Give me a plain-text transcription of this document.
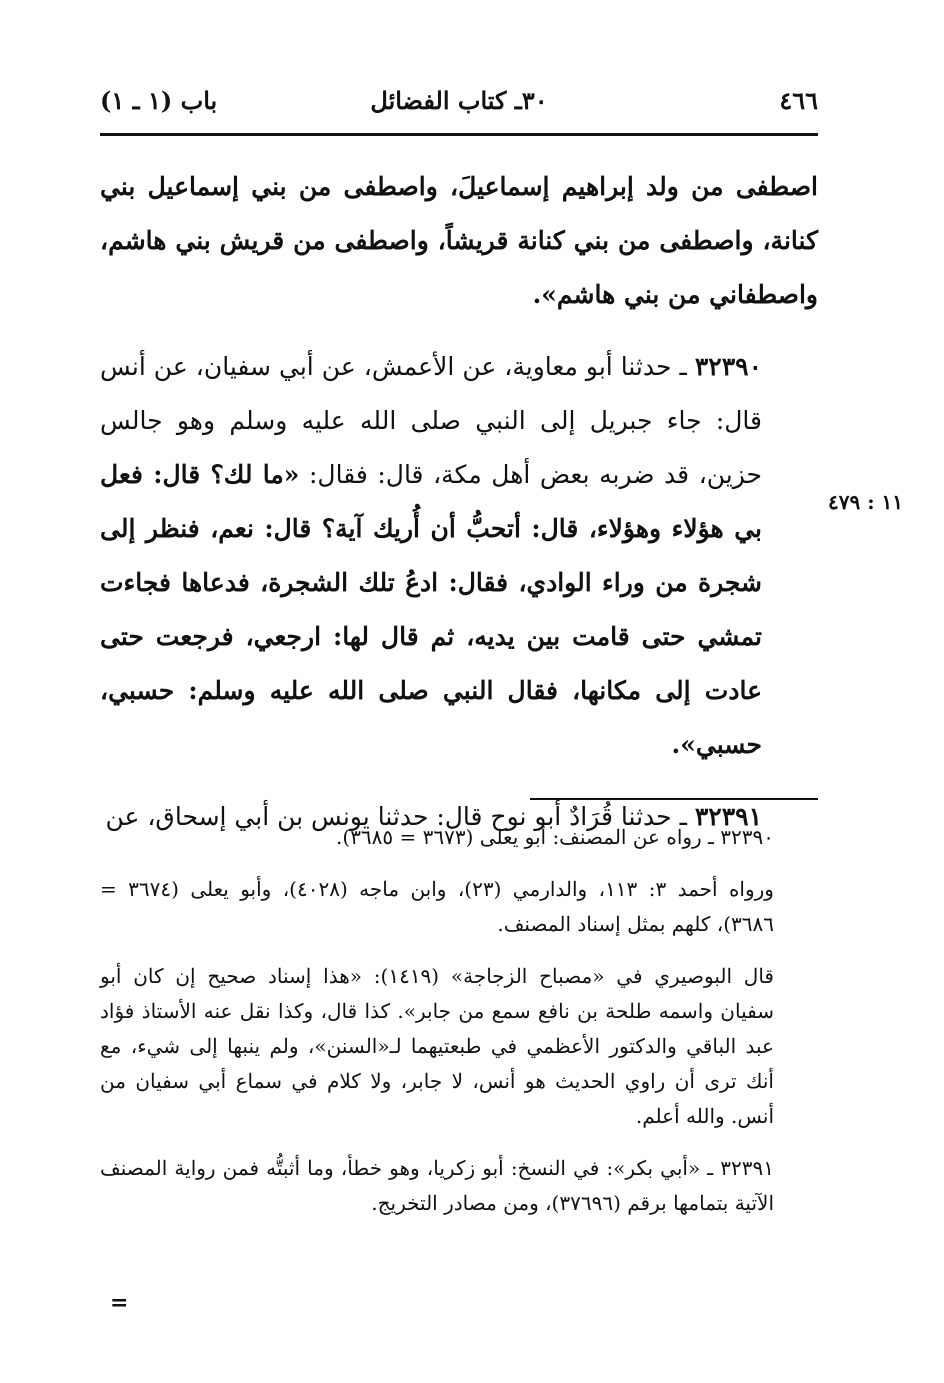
٤٦٦
٣٠ـ كتاب الفضائل
باب (١ ـ ١)

اصطفى من ولد إبراهيم إسماعيلَ، واصطفى من بني إسماعيل بني كنانة، واصطفى من بني كنانة قريشاً، واصطفى من قريش بني هاشم، واصطفاني من بني هاشم».

٣٢٣٩٠ ـ حدثنا أبو معاوية، عن الأعمش، عن أبي سفيان، عن أنس قال: جاء جبريل إلى النبي صلى الله عليه وسلم وهو جالس حزين، قد ضربه بعض أهل مكة، قال: فقال: «ما لك؟ قال: فعل بي هؤلاء وهؤلاء، قال: أتحبُّ أن أُريك آية؟ قال: نعم، فنظر إلى شجرة من وراء الوادي، فقال: ادعُ تلك الشجرة، فدعاها فجاءت تمشي حتى قامت بين يديه، ثم قال لها: ارجعي، فرجعت حتى عادت إلى مكانها، فقال النبي صلى الله عليه وسلم: حسبي، حسبي».

٣٢٣٩١ ـ حدثنا قُرَادٌ أبو نوح قال: حدثنا يونس بن أبي إسحاق، عن

١١ : ٤٧٩

٣٢٣٩٠ ـ رواه عن المصنف: أبو يعلى (٣٦٧٣ = ٣٦٨٥).

ورواه أحمد ٣: ١١٣، والدارمي (٢٣)، وابن ماجه (٤٠٢٨)، وأبو يعلى (٣٦٧٤ = ٣٦٨٦)، كلهم بمثل إسناد المصنف.

قال البوصيري في «مصباح الزجاجة» (١٤١٩): «هذا إسناد صحيح إن كان أبو سفيان واسمه طلحة بن نافع سمع من جابر». كذا قال، وكذا نقل عنه الأستاذ فؤاد عبد الباقي والدكتور الأعظمي في طبعتيهما لـ«السنن»، ولم ينبها إلى شيء، مع أنك ترى أن راوي الحديث هو أنس، لا جابر، ولا كلام في سماع أبي سفيان من أنس. والله أعلم.

٣٢٣٩١ ـ «أبي بكر»: في النسخ: أبو زكريا، وهو خطأ، وما أثبتُّه فمن رواية المصنف الآتية بتمامها برقم (٣٧٦٩٦)، ومن مصادر التخريج.

=
